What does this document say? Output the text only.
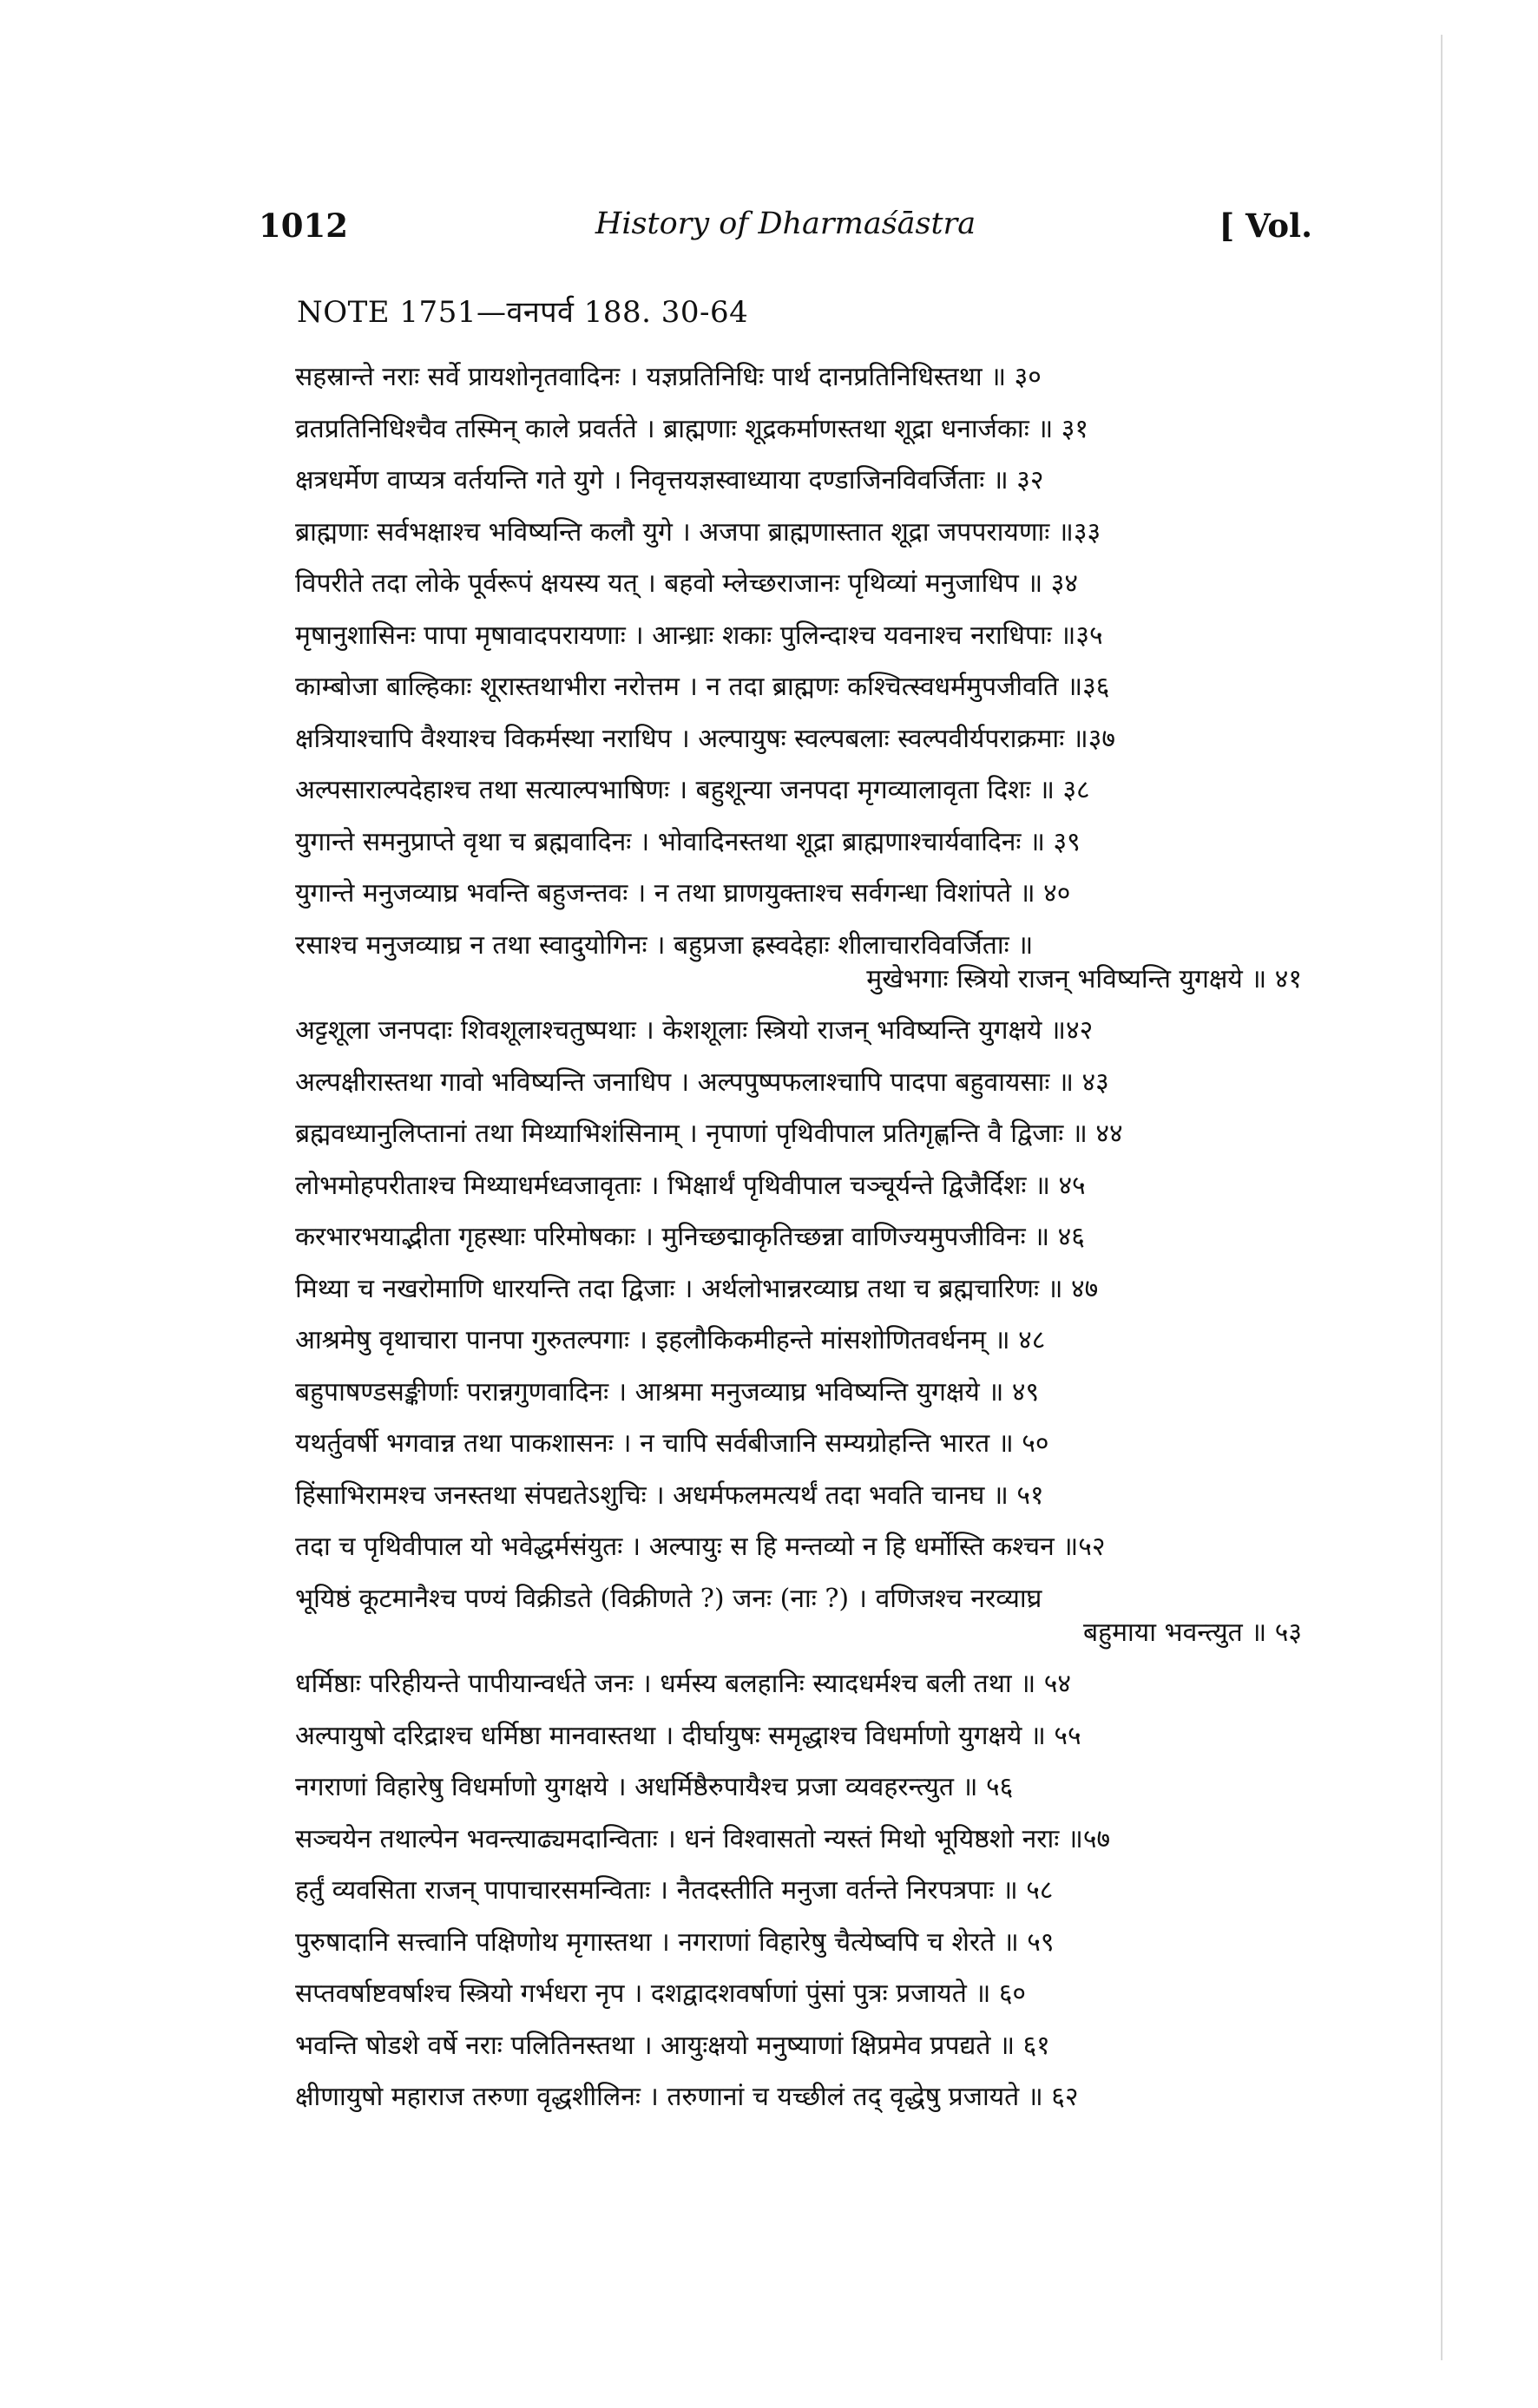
1012	History of Dharmaśāstra	[ Vol.
NOTE 1751—वनपर्व 188. 30-64
सहस्रान्ते नराः सर्वे प्रायशोनृतवादिनः । यज्ञप्रतिनिधिः पार्थ दानप्रतिनिधिस्तथा ॥ ३०
व्रतप्रतिनिधिश्चैव तस्मिन् काले प्रवर्तते । ब्राह्मणाः शूद्रकर्माणस्तथा शूद्रा धनार्जकाः ॥ ३१
क्षत्रधर्मेण वाप्यत्र वर्तयन्ति गते युगे । निवृत्तयज्ञस्वाध्याया दण्डाजिनविवर्जिताः ॥ ३२
ब्राह्मणाः सर्वभक्षाश्च भविष्यन्ति कलौ युगे । अजपा ब्राह्मणास्तात शूद्रा जपपरायणाः ॥३३
विपरीते तदा लोके पूर्वरूपं क्षयस्य यत् । बहवो म्लेच्छराजानः पृथिव्यां मनुजाधिप ॥ ३४
मृषानुशासिनः पापा मृषावादपरायणाः । आन्ध्राः शकाः पुलिन्दाश्च यवनाश्च नराधिपाः ॥३५
काम्बोजा बाल्हिकाः शूरास्तथाभीरा नरोत्तम । न तदा ब्राह्मणः कश्चित्स्वधर्ममुपजीवति ॥३६
क्षत्रियाश्चापि वैश्याश्च विकर्मस्था नराधिप । अल्पायुषः स्वल्पबलाः स्वल्पवीर्यपराक्रमाः ॥३७
अल्पसाराल्पदेहाश्च तथा सत्याल्पभाषिणः । बहुशून्या जनपदा मृगव्यालावृता दिशः ॥ ३८
युगान्ते समनुप्राप्ते वृथा च ब्रह्मवादिनः । भोवादिनस्तथा शूद्रा ब्राह्मणाश्चार्यवादिनः ॥ ३९
युगान्ते मनुजव्याघ्र भवन्ति बहुजन्तवः । न तथा घ्राणयुक्ताश्च सर्वगन्धा विशांपते ॥ ४०
रसाश्च मनुजव्याघ्र न तथा स्वादुयोगिनः । बहुप्रजा ह्रस्वदेहाः शीलाचारविवर्जिताः ॥
मुखेभगाः स्त्रियो राजन् भविष्यन्ति युगक्षये ॥ ४१
अट्टशूला जनपदाः शिवशूलाश्चतुष्पथाः । केशशूलाः स्त्रियो राजन् भविष्यन्ति युगक्षये ॥४२
अल्पक्षीरास्तथा गावो भविष्यन्ति जनाधिप । अल्पपुष्पफलाश्चापि पादपा बहुवायसाः ॥ ४३
ब्रह्मवध्यानुलिप्तानां तथा मिथ्याभिशंसिनाम् । नृपाणां पृथिवीपाल प्रतिगृह्णन्ति वै द्विजाः ॥ ४४
लोभमोहपरीताश्च मिथ्याधर्मध्वजावृताः । भिक्षार्थं पृथिवीपाल चञ्चूर्यन्ते द्विजैर्दिशः ॥ ४५
करभारभयाद्भीता गृहस्थाः परिमोषकाः । मुनिच्छद्माकृतिच्छन्ना वाणिज्यमुपजीविनः ॥ ४६
मिथ्या च नखरोमाणि धारयन्ति तदा द्विजाः । अर्थलोभान्नरव्याघ्र तथा च ब्रह्मचारिणः ॥ ४७
आश्रमेषु वृथाचारा पानपा गुरुतल्पगाः । इहलौकिकमीहन्ते मांसशोणितवर्धनम् ॥ ४८
बहुपाषण्डसङ्कीर्णाः परान्नगुणवादिनः । आश्रमा मनुजव्याघ्र भविष्यन्ति युगक्षये ॥ ४९
यथर्तुवर्षी भगवान्न तथा पाकशासनः । न चापि सर्वबीजानि सम्यग्रोहन्ति भारत ॥ ५०
हिंसाभिरामश्च जनस्तथा संपद्यतेऽशुचिः । अधर्मफलमत्यर्थं तदा भवति चानघ ॥ ५१
तदा च पृथिवीपाल यो भवेद्धर्मसंयुतः । अल्पायुः स हि मन्तव्यो न हि धर्मोस्ति कश्चन ॥५२
भूयिष्ठं कूटमानैश्च पण्यं विक्रीडते (विक्रीणते ?) जनः (नाः ?) । वणिजश्च नरव्याघ्र
बहुमाया भवन्त्युत ॥ ५३
धर्मिष्ठाः परिहीयन्ते पापीयान्वर्धते जनः । धर्मस्य बलहानिः स्यादधर्मश्च बली तथा ॥ ५४
अल्पायुषो दरिद्राश्च धर्मिष्ठा मानवास्तथा । दीर्घायुषः समृद्धाश्च विधर्माणो युगक्षये ॥ ५५
नगराणां विहारेषु विधर्माणो युगक्षये । अधर्मिष्ठैरुपायैश्च प्रजा व्यवहरन्त्युत ॥ ५६
सञ्चयेन तथाल्पेन भवन्त्याढ्यमदान्विताः । धनं विश्वासतो न्यस्तं मिथो भूयिष्ठशो नराः ॥५७
हर्तुं व्यवसिता राजन् पापाचारसमन्विताः । नैतदस्तीति मनुजा वर्तन्ते निरपत्रपाः ॥ ५८
पुरुषादानि सत्त्वानि पक्षिणोथ मृगास्तथा । नगराणां विहारेषु चैत्येष्वपि च शेरते ॥ ५९
सप्तवर्षाष्टवर्षाश्च स्त्रियो गर्भधरा नृप । दशद्वादशवर्षाणां पुंसां पुत्रः प्रजायते ॥ ६०
भवन्ति षोडशे वर्षे नराः पलितिनस्तथा । आयुःक्षयो मनुष्याणां क्षिप्रमेव प्रपद्यते ॥ ६१
क्षीणायुषो महाराज तरुणा वृद्धशीलिनः । तरुणानां च यच्छीलं तद् वृद्धेषु प्रजायते ॥ ६२
